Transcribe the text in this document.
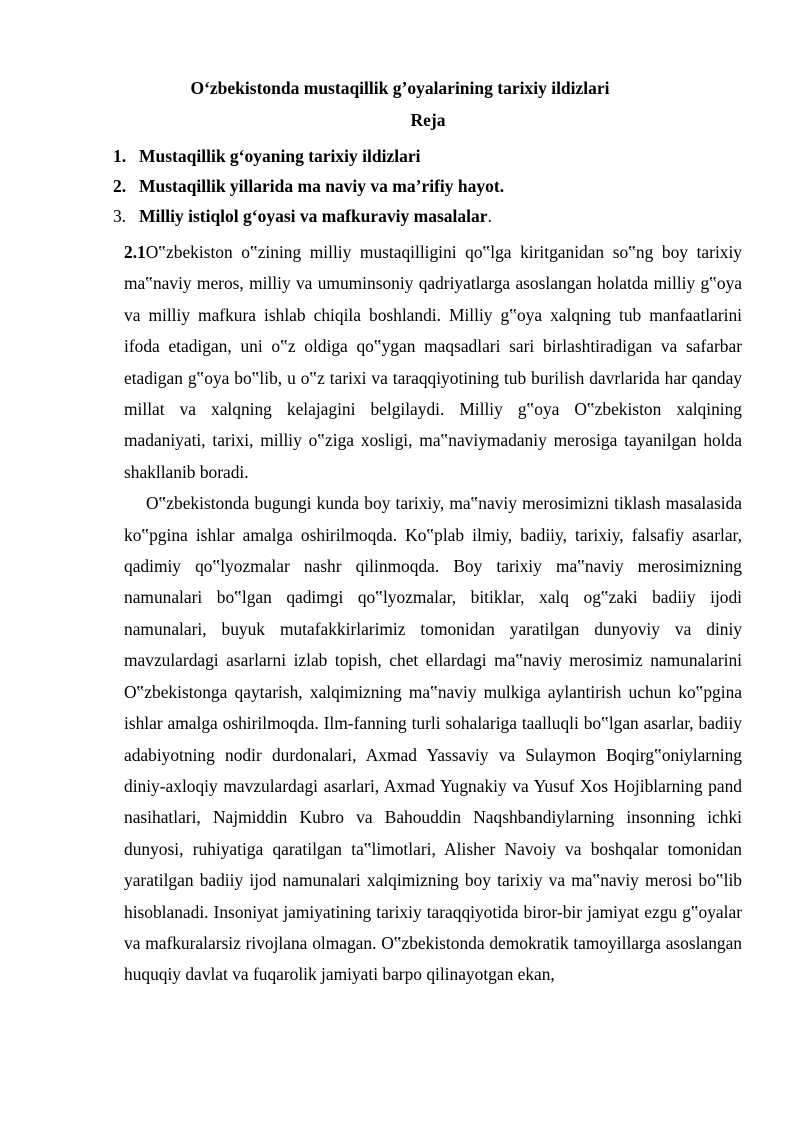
O‘zbekistonda mustaqillik g’oyalarining tarixiy ildizlari
Reja
1. Mustaqillik g‘oyaning tarixiy ildizlari
2. Mustaqillik yillarida ma naviy va ma’rifiy hayot.
3. Milliy istiqlol g‘oyasi va mafkuraviy masalalar.

2.1O‟zbekiston o‟zining milliy mustaqilligini qo‟lga kiritganidan so‟ng boy tarixiy ma‟naviy meros, milliy va umuminsoniy qadriyatlarga asoslangan holatda milliy g‟oya va milliy mafkura ishlab chiqila boshlandi. Milliy g‟oya xalqning tub manfaatlarini ifoda etadigan, uni o‟z oldiga qo‟ygan maqsadlari sari birlashtiradigan va safarbar etadigan g‟oya bo‟lib, u o‟z tarixi va taraqqiyotining tub burilish davrlarida har qanday millat va xalqning kelajagini belgilaydi. Milliy g‟oya O‟zbekiston xalqining madaniyati, tarixi, milliy o‟ziga xosligi, ma‟naviymadaniy merosiga tayanilgan holda shakllanib boradi.

O‟zbekistonda bugungi kunda boy tarixiy, ma‟naviy merosimizni tiklash masalasida ko‟pgina ishlar amalga oshirilmoqda. Ko‟plab ilmiy, badiiy, tarixiy, falsafiy asarlar, qadimiy qo‟lyozmalar nashr qilinmoqda. Boy tarixiy ma‟naviy merosimizning namunalari bo‟lgan qadimgi qo‟lyozmalar, bitiklar, xalq og‟zaki badiiy ijodi namunalari, buyuk mutafakkirlarimiz tomonidan yaratilgan dunyoviy va diniy mavzulardagi asarlarni izlab topish, chet ellardagi ma‟naviy merosimiz namunalarini O‟zbekistonga qaytarish, xalqimizning ma‟naviy mulkiga aylantirish uchun ko‟pgina ishlar amalga oshirilmoqda. Ilm-fanning turli sohalariga taalluqli bo‟lgan asarlar, badiiy adabiyotning nodir durdonalari, Axmad Yassaviy va Sulaymon Boqirg‟oniylarning diniy-axloqiy mavzulardagi asarlari, Axmad Yugnakiy va Yusuf Xos Hojiblarning pand nasihatlari, Najmiddin Kubro va Bahouddin Naqshbandiylarning insonning ichki dunyosi, ruhiyatiga qaratilgan ta‟limotlari, Alisher Navoiy va boshqalar tomonidan yaratilgan badiiy ijod namunalari xalqimizning boy tarixiy va ma‟naviy merosi bo‟lib hisoblanadi. Insoniyat jamiyatining tarixiy taraqqiyotida biror-bir jamiyat ezgu g‟oyalar va mafkuralarsiz rivojlana olmagan. O‟zbekistonda demokratik tamoyillarga asoslangan huquqiy davlat va fuqarolik jamiyati barpo qilinayotgan ekan,
